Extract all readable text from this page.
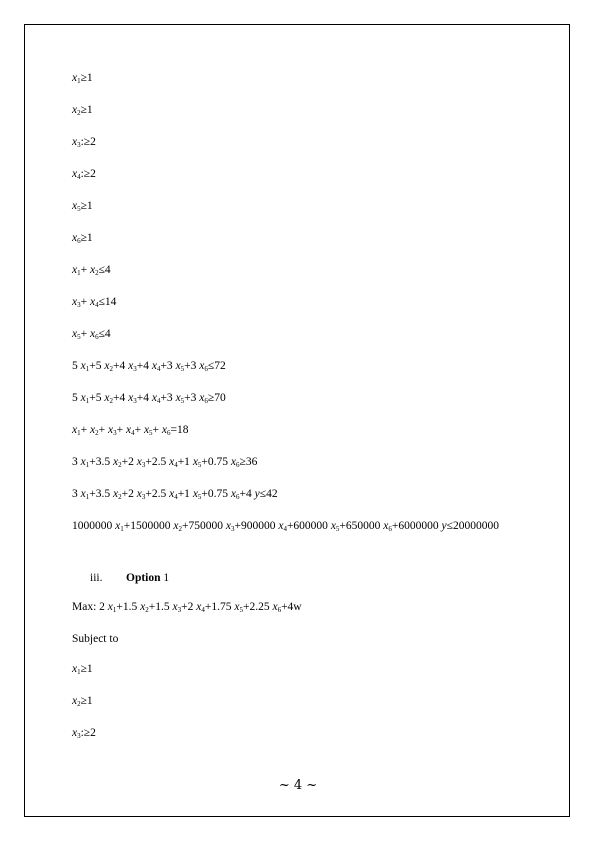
$x_1\ge 1$
$x_2\ge 1$
$x_3:\ge 2$
$x_4:\ge 2$
$x_5\ge 1$
$x_6\ge 1$
$x_1+ x_2\le 4$
$x_3+ x_4\le 14$
$x_5+ x_6\le 4$
5 $x_1+5$ $x_2+4$ $x_3+4$ $x_4+3$ $x_5+3$ $x_6\le 72$
5 $x_1+5$ $x_2+4$ $x_3+4$ $x_4+3$ $x_5+3$ $x_6\ge 70$
$x_1+ x_2+ x_3+ x_4+ x_5+ x_6=18$
3 $x_1+3.5$ $x_2+2$ $x_3+2.5$ $x_4+1$ $x_5+0.75$ $x_6\ge 36$
3 $x_1+3.5$ $x_2+2$ $x_3+2.5$ $x_4+1$ $x_5+0.75$ $x_6+4$ y≤42
1000000 $x_1+1500000$ $x_2+750000$ $x_3+900000$ $x_4+600000$ $x_5+650000$ $x_6+6000000$ y≤20000000
iii. Option 1
Max: 2 $x_1+1.5$ $x_2+1.5$ $x_3+2$ $x_4+1.75$ $x_5+2.25$ $x_6+4w$
Subject to
$x_1\ge 1$
$x_2\ge 1$
$x_3:\ge 2$
~ 4 ~
